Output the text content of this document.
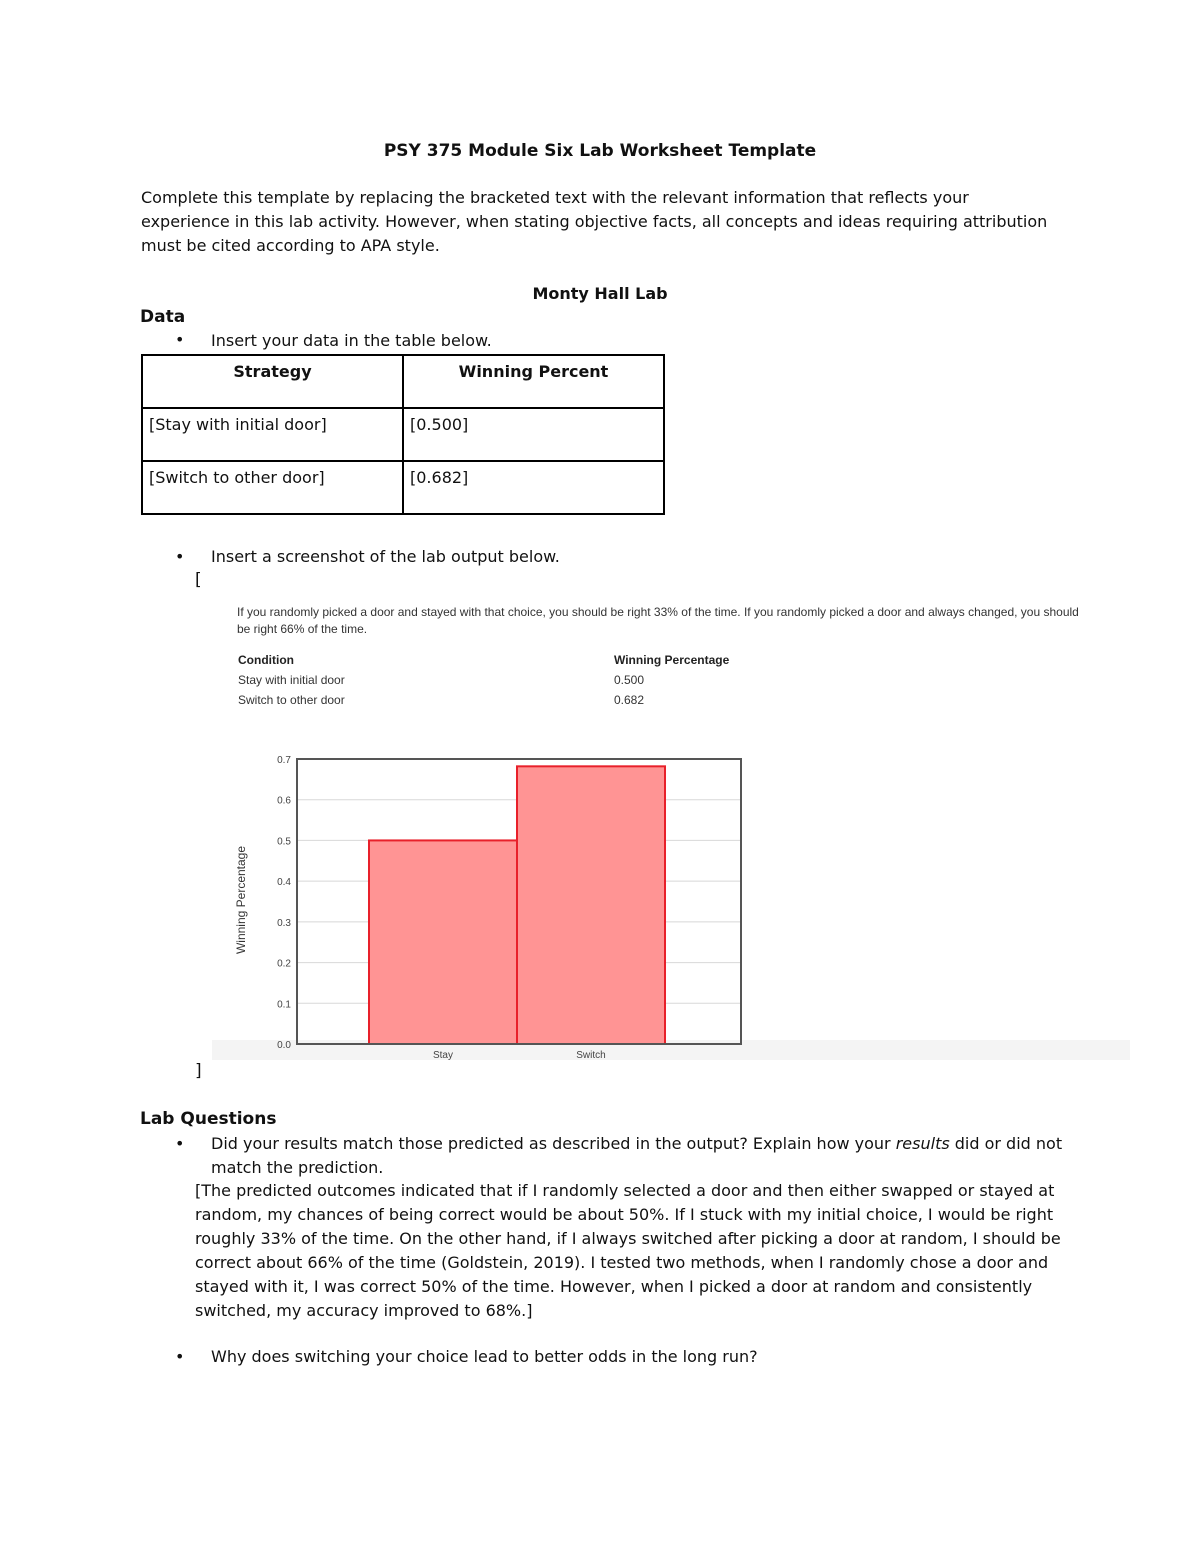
PSY 375 Module Six Lab Worksheet Template
Complete this template by replacing the bracketed text with the relevant information that reflects your experience in this lab activity. However, when stating objective facts, all concepts and ideas requiring attribution must be cited according to APA style.
Monty Hall Lab
Data
• Insert your data in the table below.
Strategy	Winning Percent
[Stay with initial door]	[0.500]
[Switch to other door]	[0.682]
• Insert a screenshot of the lab output below.
[
If you randomly picked a door and stayed with that choice, you should be right 33% of the time. If you randomly picked a door and always changed, you should
be right 66% of the time.
Condition	Winning Percentage
Stay with initial door	0.500
Switch to other door	0.682
0.0
0.1
0.2
0.3
0.4
0.5
0.6
0.7
Stay	Switch
Winning Percentage
]
Lab Questions
• Did your results match those predicted as described in the output? Explain how your results did or did not match the prediction.
[The predicted outcomes indicated that if I randomly selected a door and then either swapped or stayed at random, my chances of being correct would be about 50%. If I stuck with my initial choice, I would be right roughly 33% of the time. On the other hand, if I always switched after picking a door at random, I should be correct about 66% of the time (Goldstein, 2019). I tested two methods, when I randomly chose a door and stayed with it, I was correct 50% of the time. However, when I picked a door at random and consistently switched, my accuracy improved to 68%.]
• Why does switching your choice lead to better odds in the long run?
